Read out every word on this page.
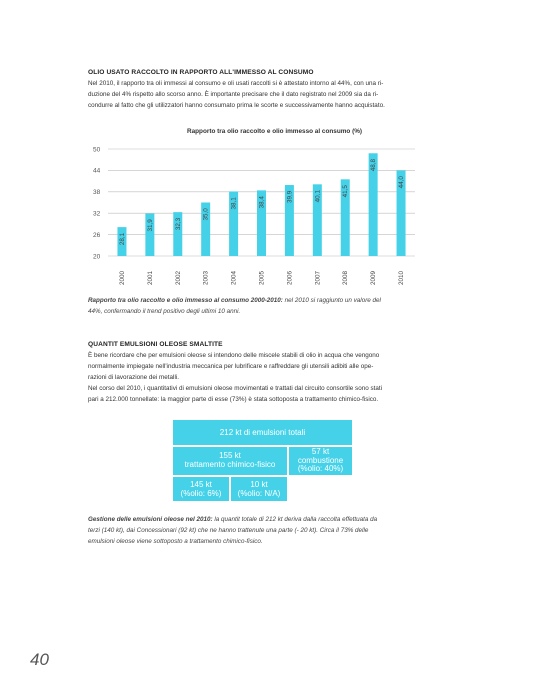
OLIO USATO RACCOLTO IN RAPPORTO ALL'IMMESSO AL CONSUMO
Nel 2010, il rapporto tra oli immessi al consumo e oli usati raccolti si è attestato intorno al 44%, con una ri-
duzione del 4% rispetto allo scorso anno. È importante precisare che il dato registrato nel 2009 sia da ri-
condurre al fatto che gli utilizzatori hanno consumato prima le scorte e successivamente hanno acquistato.
Rapporto tra olio raccolto e olio immesso al consumo (%)
20
26
32
38
44
50
28,1
2000
31,9
2001
32,3
2002
35,0
2003
38,1
2004
38,4
2005
39,9
2006
40,1
2007
41,5
2008
48,8
2009
44,0
2010
Rapporto tra olio raccolto e olio immesso al consumo 2000-2010: nel 2010 si raggiunto un valore del
44%, confermando il trend positivo degli ultimi 10 anni.
QUANTIT EMULSIONI OLEOSE SMALTITE
È bene ricordare che per emulsioni oleose si intendono delle miscele stabili di olio in acqua che vengono
normalmente impiegate nell'industria meccanica per lubrificare e raffreddare gli utensili adibiti alle ope-
razioni di lavorazione dei metalli.
Nel corso del 2010, i quantitativi di emulsioni oleose movimentati e trattati dal circuito consortile sono stati
pari a 212.000 tonnellate: la maggior parte di esse (73%) è stata sottoposta a trattamento chimico-fisico.
212 kt di emulsioni totali
155 kt
trattamento chimico-fisico
57 kt
combustione
(%olio: 40%)
145 kt
(%olio: 6%)
10 kt
(%olio: N/A)
Gestione delle emulsioni oleose nel 2010: la quantit totale di 212 kt deriva dalla raccolta effettuata da
terzi (140 kt), dai Concessionari (92 kt) che ne hanno trattenute una parte (- 20 kt). Circa il 73% delle
emulsioni oleose viene sottoposto a trattamento chimico-fisico.
40
